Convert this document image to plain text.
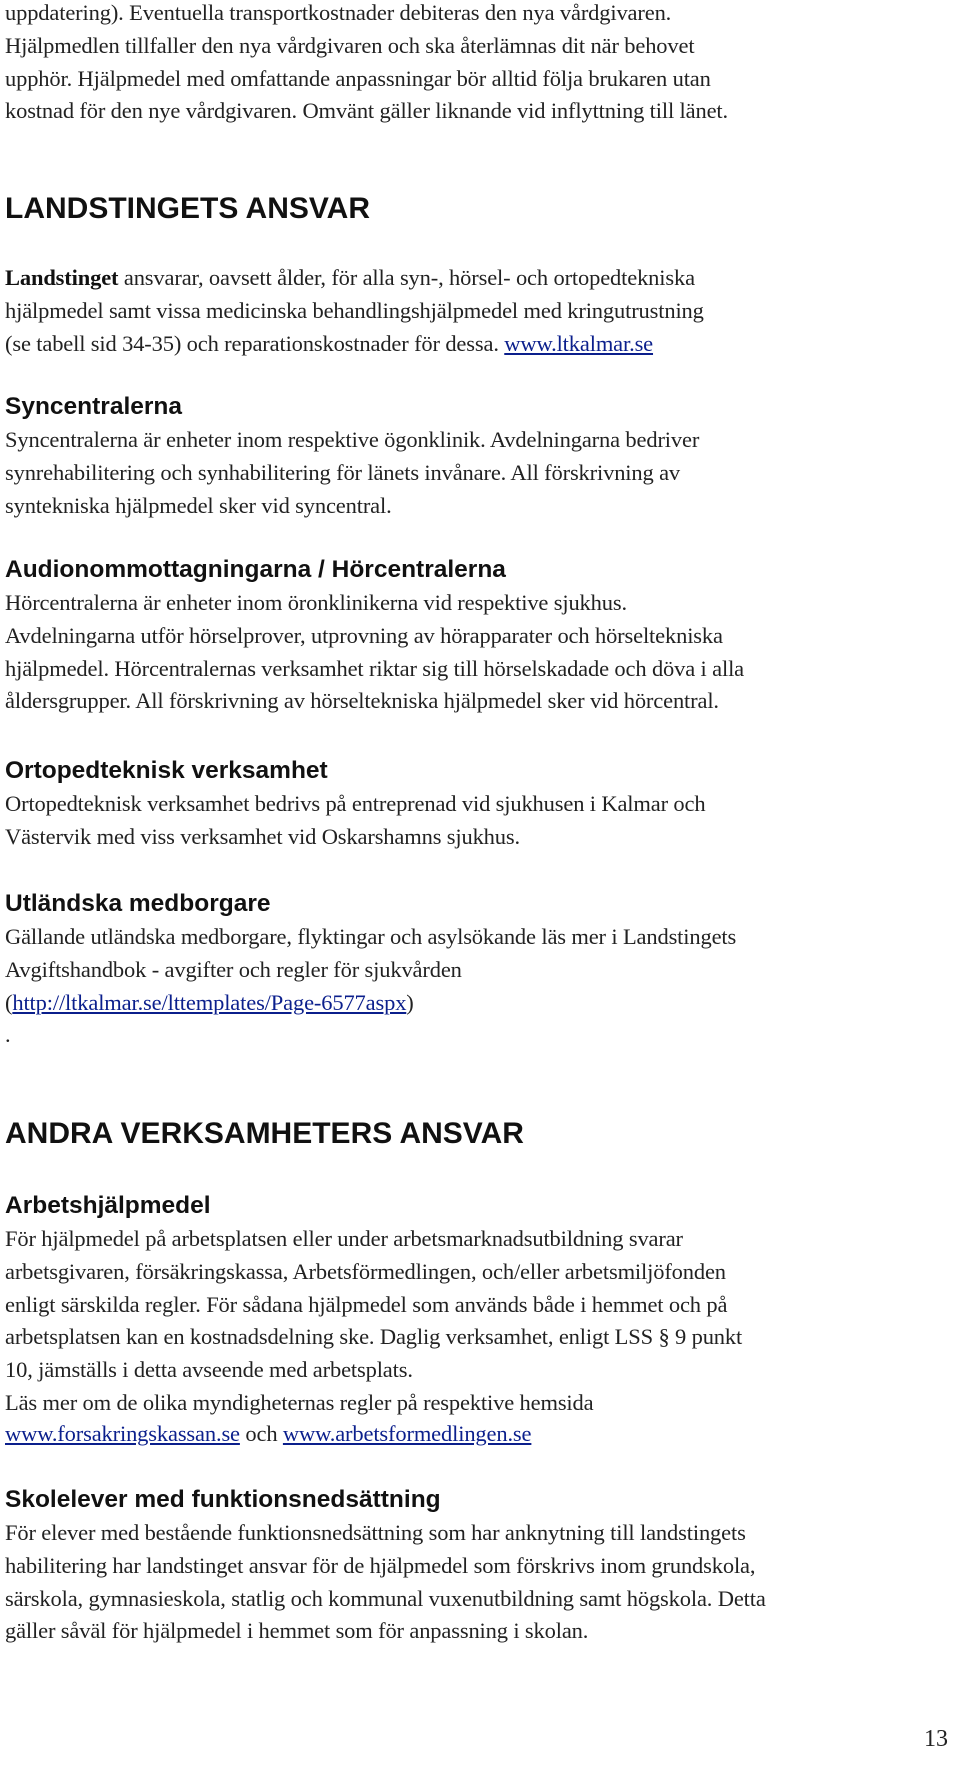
uppdatering). Eventuella transportkostnader debiteras den nya vårdgivaren.

Hjälpmedlen tillfaller den nya vårdgivaren och ska återlämnas dit när behovet

upphör. Hjälpmedel med omfattande anpassningar bör alltid följa brukaren utan

kostnad för den nye vårdgivaren. Omvänt gäller liknande vid inflyttning till länet.

LANDSTINGETS ANSVAR

Landstinget ansvarar, oavsett ålder, för alla syn-, hörsel- och ortopedtekniska

hjälpmedel samt vissa medicinska behandlingshjälpmedel med kringutrustning

(se tabell sid 34-35) och reparationskostnader för dessa. www.ltkalmar.se

Syncentralerna

Syncentralerna är enheter inom respektive ögonklinik. Avdelningarna bedriver

synrehabilitering och synhabilitering för länets invånare. All förskrivning av

syntekniska hjälpmedel sker vid syncentral.

Audionommottagningarna / Hörcentralerna

Hörcentralerna är enheter inom öronklinikerna vid respektive sjukhus.

Avdelningarna utför hörselprover, utprovning av hörapparater och hörseltekniska

hjälpmedel. Hörcentralernas verksamhet riktar sig till hörselskadade och döva i alla

åldersgrupper. All förskrivning av hörseltekniska hjälpmedel sker vid hörcentral.

Ortopedteknisk verksamhet

Ortopedteknisk verksamhet bedrivs på entreprenad vid sjukhusen i Kalmar och

Västervik med viss verksamhet vid Oskarshamns sjukhus.

Utländska medborgare

Gällande utländska medborgare, flyktingar och asylsökande läs mer i Landstingets

Avgiftshandbok - avgifter och regler för sjukvården

(http://ltkalmar.se/lttemplates/Page-6577aspx)

.

ANDRA VERKSAMHETERS ANSVAR
Arbetshjälpmedel

För hjälpmedel på arbetsplatsen eller under arbetsmarknadsutbildning svarar

arbetsgivaren, försäkringskassa, Arbetsförmedlingen, och/eller arbetsmiljöfonden

enligt särskilda regler. För sådana hjälpmedel som används både i hemmet och på

arbetsplatsen kan en kostnadsdelning ske. Daglig verksamhet, enligt LSS § 9 punkt

10, jämställs i detta avseende med arbetsplats.

Läs mer om de olika myndigheternas regler på respektive hemsida

www.forsakringskassan.se och www.arbetsformedlingen.se

Skolelever med funktionsnedsättning

För elever med bestående funktionsnedsättning som har anknytning till landstingets

habilitering har landstinget ansvar för de hjälpmedel som förskrivs inom grundskola,

särskola, gymnasieskola, statlig och kommunal vuxenutbildning samt högskola. Detta

gäller såväl för hjälpmedel i hemmet som för anpassning i skolan.

13
